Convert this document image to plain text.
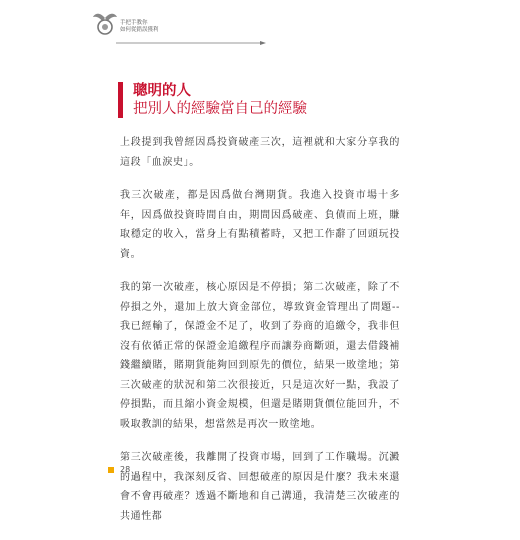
手把手教你
如何從錯誤獲利

聰明的人

把別人的經驗當自己的經驗

上段提到我曾經因爲投資破產三次，這裡就和大家分享我的這段「血淚史」。

我三次破產，都是因爲做台灣期貨。我進入投資市場十多年，因爲做投資時間自由，期間因爲破產、負債而上班，賺取穩定的收入，當身上有點積蓄時，又把工作辭了回頭玩投資。

我的第一次破產，核心原因是不停損；第二次破產，除了不停損之外，還加上放大資金部位，導致資金管理出了問題-- 我已經輸了，保證金不足了，收到了券商的追繳令，我非但沒有依循正常的保證金追繳程序而讓券商斷頭，還去借錢補錢繼續賭，賭期貨能夠回到原先的價位，結果一敗塗地；第三次破產的狀況和第二次很接近，只是這次好一點，我設了停損點，而且縮小資金規模，但還是賭期貨價位能回升，不吸取教訓的結果，想當然是再次一敗塗地。

第三次破產後，我離開了投資市場，回到了工作職場。沉澱的過程中，我深刻反省、回想破產的原因是什麼？我未來還會不會再破產？透過不斷地和自己溝通，我清楚三次破產的共通性都

28
